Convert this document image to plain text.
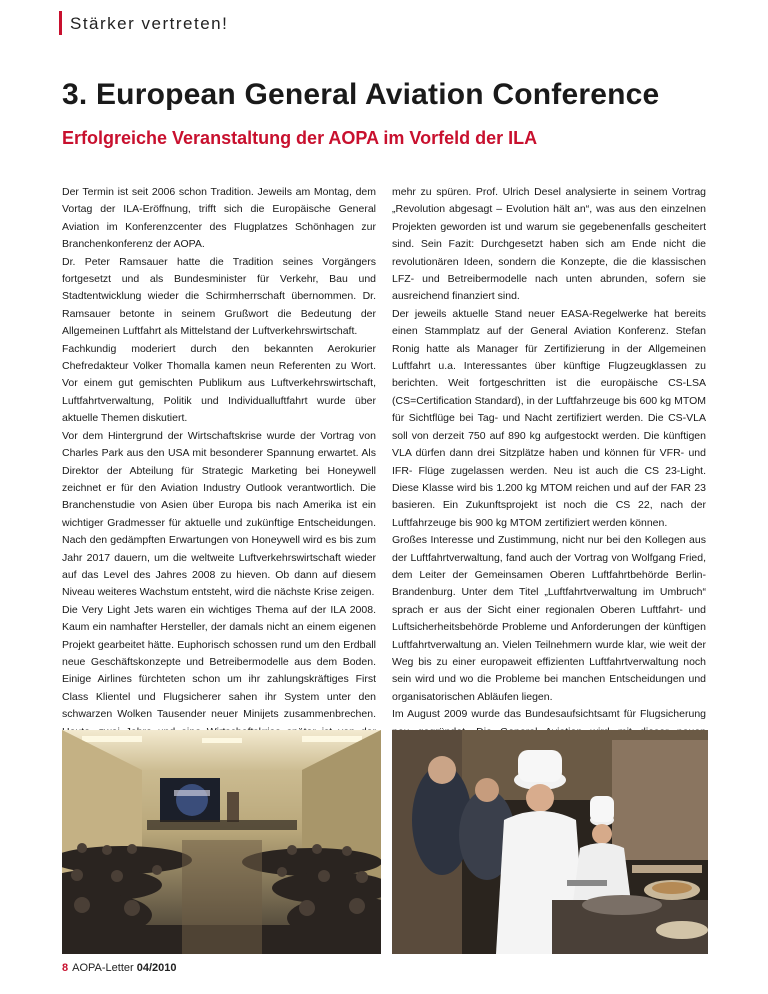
Stärker vertreten!
3. European General Aviation Conference
Erfolgreiche Veranstaltung der AOPA im Vorfeld der ILA

Der Termin ist seit 2006 schon Tradition. Jeweils am Montag, dem Vortag der ILA-Eröffnung, trifft sich die Europäische General Aviation im Konferenzcenter des Flugplatzes Schönhagen zur Branchenkonferenz der AOPA.

Dr. Peter Ramsauer hatte die Tradition seines Vorgängers fortgesetzt und als Bundesminister für Verkehr, Bau und Stadtentwicklung wieder die Schirmherrschaft übernommen. Dr. Ramsauer betonte in seinem Grußwort die Bedeutung der Allgemeinen Luftfahrt als Mittelstand der Luftverkehrswirtschaft.

Fachkundig moderiert durch den bekannten Aerokurier Chefredakteur Volker Thomalla kamen neun Referenten zu Wort. Vor einem gut gemischten Publikum aus Luftverkehrswirtschaft, Luftfahrtverwaltung, Politik und Individualluftfahrt wurde über aktuelle Themen diskutiert.

Vor dem Hintergrund der Wirtschaftskrise wurde der Vortrag von Charles Park aus den USA mit besonderer Spannung erwartet. Als Direktor der Abteilung für Strategic Marketing bei Honeywell zeichnet er für den Aviation Industry Outlook verantwortlich. Die Branchenstudie von Asien über Europa bis nach Amerika ist ein wichtiger Gradmesser für aktuelle und zukünftige Entscheidungen. Nach den gedämpften Erwartungen von Honeywell wird es bis zum Jahr 2017 dauern, um die weltweite Luftverkehrswirtschaft wieder auf das Level des Jahres 2008 zu hieven. Ob dann auf diesem Niveau weiteres Wachstum entsteht, wird die nächste Krise zeigen.

Die Very Light Jets waren ein wichtiges Thema auf der ILA 2008. Kaum ein namhafter Hersteller, der damals nicht an einem eigenen Projekt gearbeitet hätte. Euphorisch schossen rund um den Erdball neue Geschäftskonzepte und Betreibermodelle aus dem Boden. Einige Airlines fürchteten schon um ihr zahlungskräftiges First Class Klientel und Flugsicherer sahen ihr System unter den schwarzen Wolken Tausender neuer Minijets zusammenbrechen.

mehr zu spüren. Prof. Ulrich Desel analysierte in seinem Vortrag „Revolution abgesagt – Evolution hält an“, was aus den einzelnen Projekten geworden ist und warum sie gegebenenfalls gescheitert sind. Sein Fazit: Durchgesetzt haben sich am Ende nicht die revolutionären Ideen, sondern die Konzepte, die die klassischen LFZ- und Betreibermodelle nach unten abrunden, sofern sie ausreichend finanziert sind.

Der jeweils aktuelle Stand neuer EASA-Regelwerke hat bereits einen Stammplatz auf der General Aviation Konferenz. Stefan Ronig hatte als Manager für Zertifizierung in der Allgemeinen Luftfahrt u.a. Interessantes über künftige Flugzeugklassen zu berichten. Weit fortgeschritten ist die europäische CS-LSA (CS=Certification Standard), in der Luftfahrzeuge bis 600 kg MTOM für Sichtflüge bei Tag- und Nacht zertifiziert werden. Die CS-VLA soll von derzeit 750 auf 890 kg aufgestockt werden. Die künftigen VLA dürfen dann drei Sitzplätze haben und können für VFR- und IFR- Flüge zugelassen werden. Neu ist auch die CS 23-Light. Diese Klasse wird bis 1.200 kg MTOM reichen und auf der FAR 23 basieren. Ein Zukunftsprojekt ist noch die CS 22, nach der Luftfahrzeuge bis 900 kg MTOM zertifiziert werden können.

Großes Interesse und Zustimmung, nicht nur bei den Kollegen aus der Luftfahrtverwaltung, fand auch der Vortrag von Wolfgang Fried, dem Leiter der Gemeinsamen Oberen Luftfahrtbehörde Berlin-Brandenburg. Unter dem Titel „Luftfahrtverwaltung im Umbruch“ sprach er aus der Sicht einer regionalen Oberen Luftfahrt- und Luftsicherheitsbehörde Probleme und Anforderungen der künftigen Luftfahrtverwaltung an. Vielen Teilnehmern wurde klar, wie weit der Weg bis zu einer europaweit effizienten Luftfahrtverwaltung noch sein wird und wo die Probleme bei manchen Entscheidungen und organisatorischen Abläufen liegen.

Im August 2009 wurde das Bundesaufsichtsamt für Flugsicherung

8 AOPA-Letter 04/2010
